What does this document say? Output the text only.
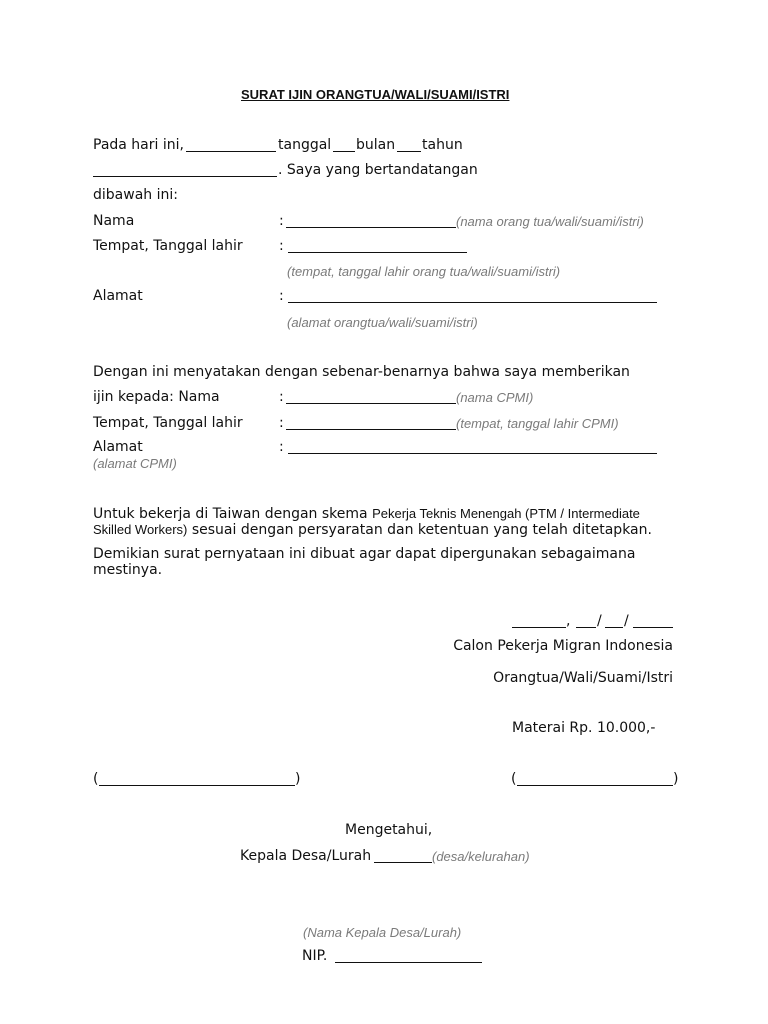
SURAT IJIN ORANGTUA/WALI/SUAMI/ISTRI
Pada hari ini,	tanggal bulan tahun
. Saya yang bertandatangan
dibawah ini:
Nama	:	(nama orang tua/wali/suami/istri)
Tempat, Tanggal lahir	:
(tempat, tanggal lahir orang tua/wali/suami/istri)
Alamat	:
(alamat orangtua/wali/suami/istri)
Dengan ini menyatakan dengan sebenar-benarnya bahwa saya memberikan
ijin kepada: Nama	:	(nama CPMI)
Tempat, Tanggal lahir	:	(tempat, tanggal lahir CPMI)
Alamat	:
(alamat CPMI)
Untuk bekerja di Taiwan dengan skema Pekerja Teknis Menengah (PTM / Intermediate
Skilled Workers) sesuai dengan persyaratan dan ketentuan yang telah ditetapkan.
Demikian surat pernyataan ini dibuat agar dapat dipergunakan sebagaimana
mestinya.
, / /
Calon Pekerja Migran Indonesia
Orangtua/Wali/Suami/Istri
Materai Rp. 10.000,-
(	)	(	)
Mengetahui,
Kepala Desa/Lurah	(desa/kelurahan)
(Nama Kepala Desa/Lurah)
NIP.
